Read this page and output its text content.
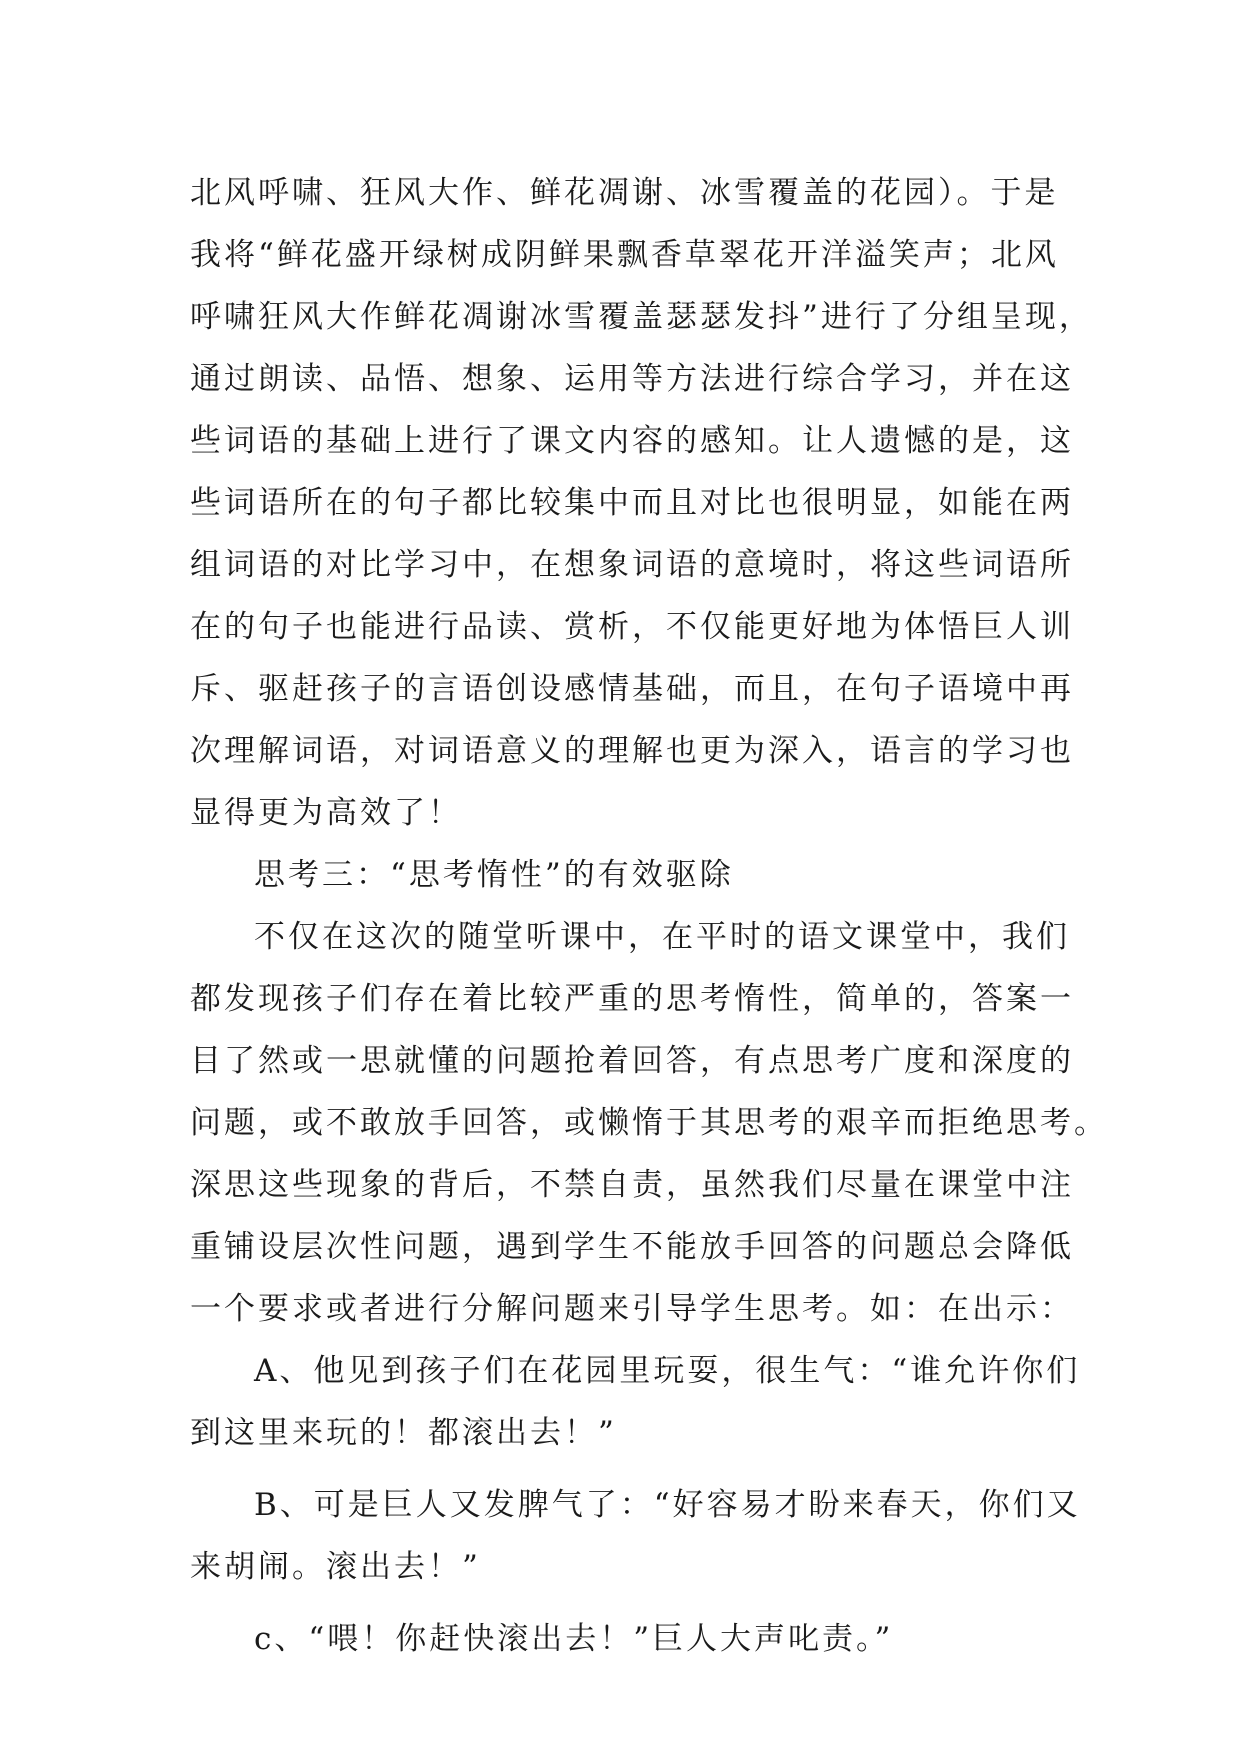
北风呼啸、狂风大作、鲜花凋谢、冰雪覆盖的花园）。于是
我将“鲜花盛开绿树成阴鲜果飘香草翠花开洋溢笑声；北风
呼啸狂风大作鲜花凋谢冰雪覆盖瑟瑟发抖”进行了分组呈现，
通过朗读、品悟、想象、运用等方法进行综合学习，并在这
些词语的基础上进行了课文内容的感知。让人遗憾的是，这
些词语所在的句子都比较集中而且对比也很明显，如能在两
组词语的对比学习中，在想象词语的意境时，将这些词语所
在的句子也能进行品读、赏析，不仅能更好地为体悟巨人训
斥、驱赶孩子的言语创设感情基础，而且，在句子语境中再
次理解词语，对词语意义的理解也更为深入，语言的学习也
显得更为高效了！
思考三：“思考惰性”的有效驱除
不仅在这次的随堂听课中，在平时的语文课堂中，我们
都发现孩子们存在着比较严重的思考惰性，简单的，答案一
目了然或一思就懂的问题抢着回答，有点思考广度和深度的
问题，或不敢放手回答，或懒惰于其思考的艰辛而拒绝思考。
深思这些现象的背后，不禁自责，虽然我们尽量在课堂中注
重铺设层次性问题，遇到学生不能放手回答的问题总会降低
一个要求或者进行分解问题来引导学生思考。如：在出示：
A、他见到孩子们在花园里玩耍，很生气：“谁允许你们
到这里来玩的！都滚出去！”
B、可是巨人又发脾气了：“好容易才盼来春天，你们又
来胡闹。滚出去！”
c、“喂！你赶快滚出去！”巨人大声叱责。”
